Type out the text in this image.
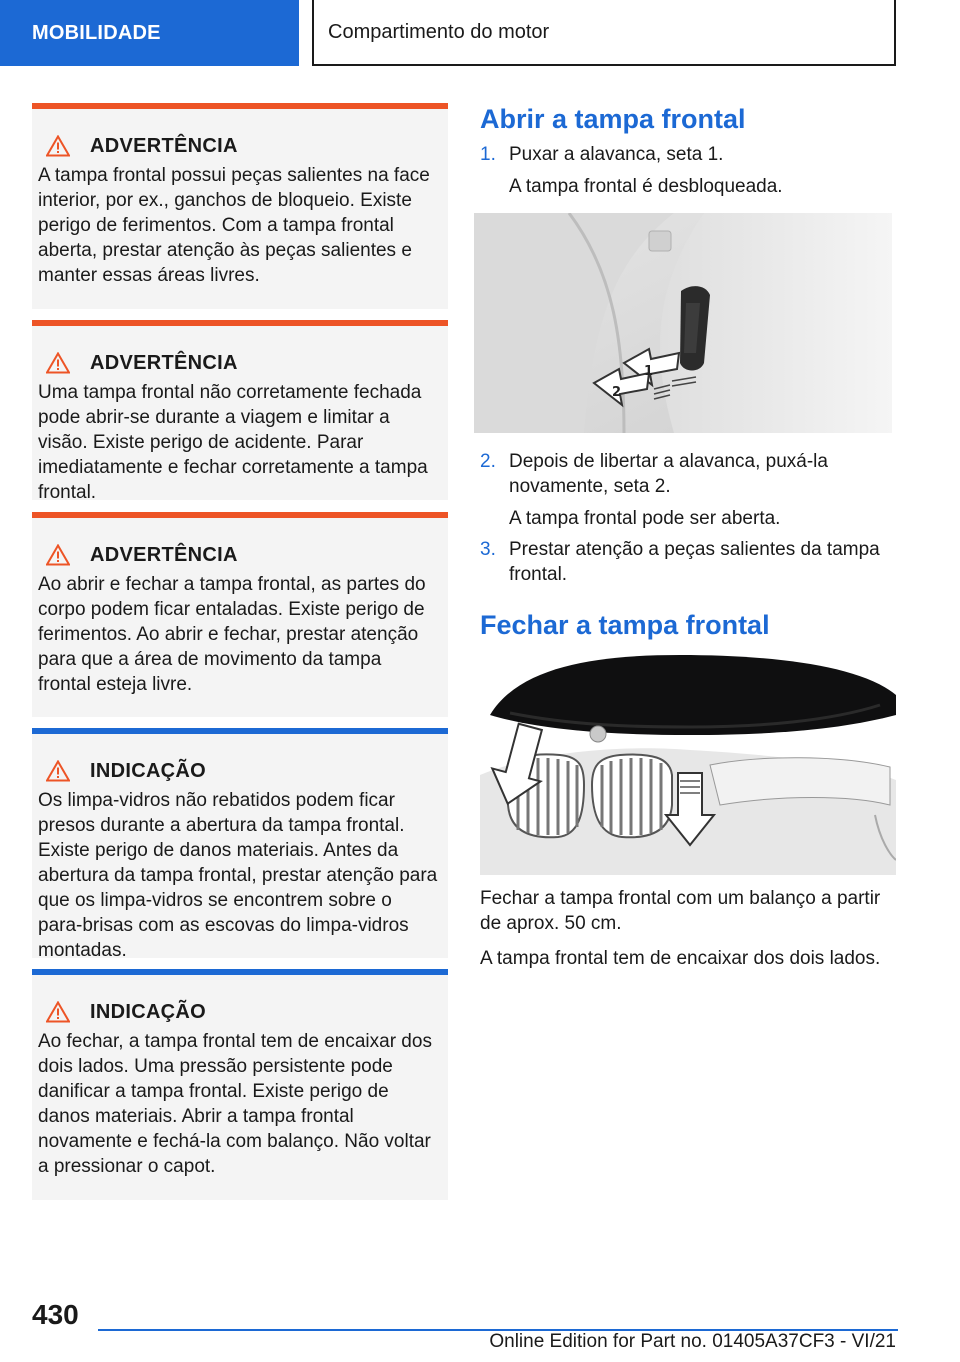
MOBILIDADE	Compartimento do motor
ADVERTÊNCIA
A tampa frontal possui peças salientes na face interior, por ex., ganchos de bloqueio. Existe perigo de ferimentos. Com a tampa frontal aberta, prestar atenção às peças salientes e manter essas áreas livres.
ADVERTÊNCIA
Uma tampa frontal não corretamente fechada pode abrir-se durante a viagem e limitar a visão. Existe perigo de acidente. Parar imediatamente e fechar corretamente a tampa frontal.
ADVERTÊNCIA
Ao abrir e fechar a tampa frontal, as partes do corpo podem ficar entaladas. Existe perigo de ferimentos. Ao abrir e fechar, prestar atenção para que a área de movimento da tampa frontal esteja livre.
INDICAÇÃO
Os limpa-vidros não rebatidos podem ficar presos durante a abertura da tampa frontal. Existe perigo de danos materiais. Antes da abertura da tampa frontal, prestar atenção para que os limpa-vidros se encontrem sobre o para-brisas com as escovas do limpa-vidros montadas.
INDICAÇÃO
Ao fechar, a tampa frontal tem de encaixar dos dois lados. Uma pressão persistente pode danificar a tampa frontal. Existe perigo de danos materiais. Abrir a tampa frontal novamente e fechá-la com balanço. Não voltar a pressionar o capot.
Abrir a tampa frontal
1. Puxar a alavanca, seta 1.
A tampa frontal é desbloqueada.
1
2
2. Depois de libertar a alavanca, puxá-la novamente, seta 2.
A tampa frontal pode ser aberta.
3. Prestar atenção a peças salientes da tampa frontal.
Fechar a tampa frontal
Fechar a tampa frontal com um balanço a partir de aprox. 50 cm.
A tampa frontal tem de encaixar dos dois lados.
430
Online Edition for Part no. 01405A37CF3 - VI/21
